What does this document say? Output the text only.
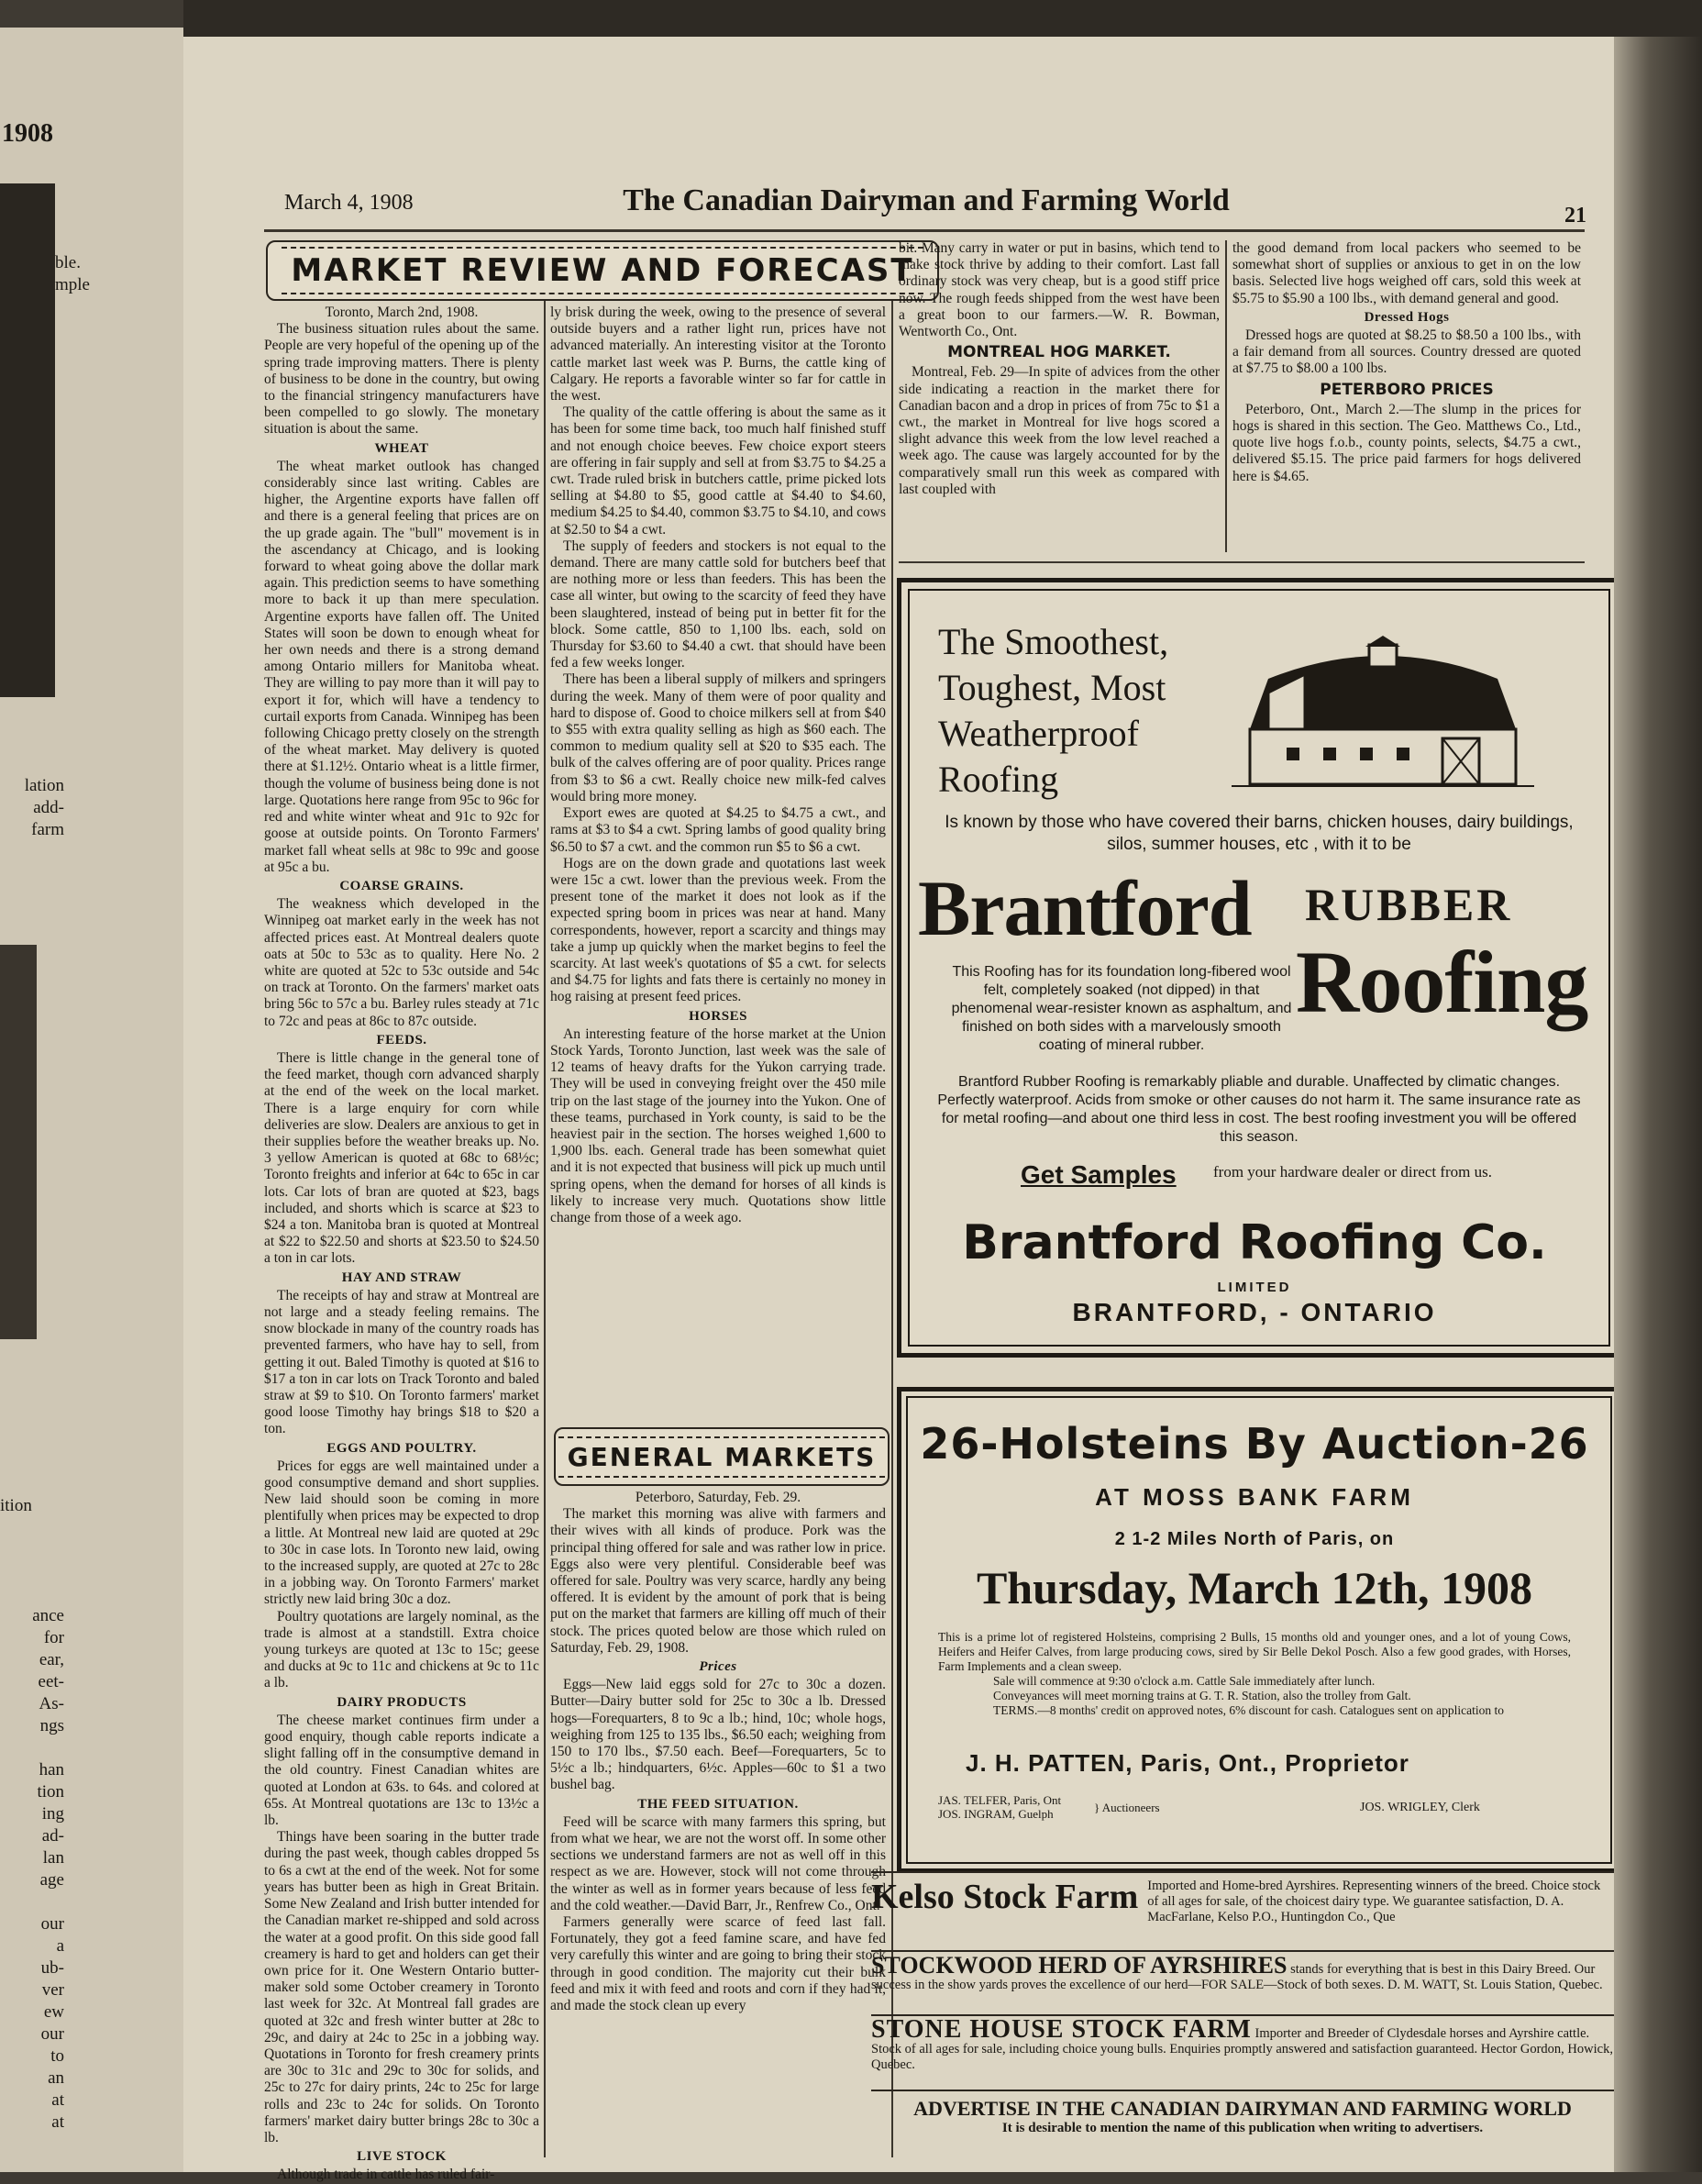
1908
ble.
mple
lation
add-
farm
ition
ance
for
ear,
eet-
As-
ngs

han
tion
ing
ad-
lan
age

our
a
ub-
ver
ew
our
to
an
at
at
March 4, 1908	The Canadian Dairyman and Farming World	21
MARKET REVIEW AND FORECAST
Toronto, March 2nd, 1908.

The business situation rules about the same. People are very hopeful of the opening up of the spring trade improving matters. There is plenty of business to be done in the country, but owing to the financial stringency manufacturers have been compelled to go slowly. The monetary situation is about the same.

WHEAT

The wheat market outlook has changed considerably since last writing. Cables are higher, the Argentine exports have fallen off and there is a general feeling that prices are on the up grade again. The "bull" movement is in the ascendancy at Chicago, and is looking forward to wheat going above the dollar mark again. This prediction seems to have something more to back it up than mere speculation. Argentine exports have fallen off. The United States will soon be down to enough wheat for her own needs and there is a strong demand among Ontario millers for Manitoba wheat. They are willing to pay more than it will pay to export it for, which will have a tendency to curtail exports from Canada. Winnipeg has been following Chicago pretty closely on the strength of the wheat market. May delivery is quoted there at $1.12½. Ontario wheat is a little firmer, though the volume of business being done is not large. Quotations here range from 95c to 96c for red and white winter wheat and 91c to 92c for goose at outside points. On Toronto Farmers' market fall wheat sells at 98c to 99c and goose at 95c a bu.

COARSE GRAINS.

The weakness which developed in the Winnipeg oat market early in the week has not affected prices east. At Montreal dealers quote oats at 50c to 53c as to quality. Here No. 2 white are quoted at 52c to 53c outside and 54c on track at Toronto. On the farmers' market oats bring 56c to 57c a bu. Barley rules steady at 71c to 72c and peas at 86c to 87c outside.

FEEDS.

There is little change in the general tone of the feed market, though corn advanced sharply at the end of the week on the local market. There is a large enquiry for corn while deliveries are slow. Dealers are anxious to get in their supplies before the weather breaks up. No. 3 yellow American is quoted at 68c to 68½c; Toronto freights and inferior at 64c to 65c in car lots. Car lots of bran are quoted at $23, bags included, and shorts which is scarce at $23 to $24 a ton. Manitoba bran is quoted at Montreal at $22 to $22.50 and shorts at $23.50 to $24.50 a ton in car lots.

HAY AND STRAW

The receipts of hay and straw at Montreal are not large and a steady feeling remains. The snow blockade in many of the country roads has prevented farmers, who have hay to sell, from getting it out. Baled Timothy is quoted at $16 to $17 a ton in car lots on Track Toronto and baled straw at $9 to $10. On Toronto farmers' market good loose Timothy hay brings $18 to $20 a ton.

EGGS AND POULTRY.

Prices for eggs are well maintained under a good consumptive demand and short supplies. New laid should soon be coming in more plentifully when prices may be expected to drop a little. At Montreal new laid are quoted at 29c to 30c in case lots. In Toronto new laid, owing to the increased supply, are quoted at 27c to 28c in a jobbing way. On Toronto Farmers' market strictly new laid bring 30c a doz.

Poultry quotations are largely nominal, as the trade is almost at a standstill. Extra choice young turkeys are quoted at 13c to 15c; geese and ducks at 9c to 11c and chickens at 9c to 11c a lb.

DAIRY PRODUCTS

The cheese market continues firm under a good enquiry, though cable reports indicate a slight falling off in the consumptive demand in the old country. Finest Canadian whites are quoted at London at 63s. to 64s. and colored at 65s. At Montreal quotations are 13c to 13½c a lb.

Things have been soaring in the butter trade during the past week, though cables dropped 5s to 6s a cwt at the end of the week. Not for some years has butter been as high in Great Britain. Some New Zealand and Irish butter intended for the Canadian market re-shipped and sold across the water at a good profit. On this side good fall creamery is hard to get and holders can get their own price for it. One Western Ontario butter-maker sold some October creamery in Toronto last week for 32c. At Montreal fall grades are quoted at 32c and fresh winter butter at 28c to 29c, and dairy at 24c to 25c in a jobbing way. Quotations in Toronto for fresh creamery prints are 30c to 31c and 29c to 30c for solids, and 25c to 27c for dairy prints, 24c to 25c for large rolls and 23c to 24c for solids. On Toronto farmers' market dairy butter brings 28c to 30c a lb.

LIVE STOCK

Although trade in cattle has ruled fair-

ly brisk during the week, owing to the presence of several outside buyers and a rather light run, prices have not advanced materially. An interesting visitor at the Toronto cattle market last week was P. Burns, the cattle king of Calgary. He reports a favorable winter so far for cattle in the west.

The quality of the cattle offering is about the same as it has been for some time back, too much half finished stuff and not enough choice beeves. Few choice export steers are offering in fair supply and sell at from $3.75 to $4.25 a cwt. Trade ruled brisk in butchers cattle, prime picked lots selling at $4.80 to $5, good cattle at $4.40 to $4.60, medium $4.25 to $4.40, common $3.75 to $4.10, and cows at $2.50 to $4 a cwt.

The supply of feeders and stockers is not equal to the demand. There are many cattle sold for butchers beef that are nothing more or less than feeders. This has been the case all winter, but owing to the scarcity of feed they have been slaughtered, instead of being put in better fit for the block. Some cattle, 850 to 1,100 lbs. each, sold on Thursday for $3.60 to $4.40 a cwt. that should have been fed a few weeks longer.

There has been a liberal supply of milkers and springers during the week. Many of them were of poor quality and hard to dispose of. Good to choice milkers sell at from $40 to $55 with extra quality selling as high as $60 each. The common to medium quality sell at $20 to $35 each. The bulk of the calves offering are of poor quality. Prices range from $3 to $6 a cwt. Really choice new milk-fed calves would bring more money.

Export ewes are quoted at $4.25 to $4.75 a cwt., and rams at $3 to $4 a cwt. Spring lambs of good quality bring $6.50 to $7 a cwt. and the common run $5 to $6 a cwt.

Hogs are on the down grade and quotations last week were 15c a cwt. lower than the previous week. From the present tone of the market it does not look as if the expected spring boom in prices was near at hand. Many correspondents, however, report a scarcity and things may take a jump up quickly when the market begins to feel the scarcity. At last week's quotations of $5 a cwt. for selects and $4.75 for lights and fats there is certainly no money in hog raising at present feed prices.

HORSES

An interesting feature of the horse market at the Union Stock Yards, Toronto Junction, last week was the sale of 12 teams of heavy drafts for the Yukon carrying trade. They will be used in conveying freight over the 450 mile trip on the last stage of the journey into the Yukon. One of these teams, purchased in York county, is said to be the heaviest pair in the section. The horses weighed 1,600 to 1,900 lbs. each. General trade has been somewhat quiet and it is not expected that business will pick up much until spring opens, when the demand for horses of all kinds is likely to increase very much. Quotations show little change from those of a week ago.

GENERAL MARKETS
Peterboro, Saturday, Feb. 29.

The market this morning was alive with farmers and their wives with all kinds of produce. Pork was the principal thing offered for sale and was rather low in price. Eggs also were very plentiful. Considerable beef was offered for sale. Poultry was very scarce, hardly any being offered. It is evident by the amount of pork that is being put on the market that farmers are killing off much of their stock. The prices quoted below are those which ruled on Saturday, Feb. 29, 1908.

Prices

Eggs—New laid eggs sold for 27c to 30c a dozen. Butter—Dairy butter sold for 25c to 30c a lb. Dressed hogs—Forequarters, 8 to 9c a lb.; hind, 10c; whole hogs, weighing from 125 to 135 lbs., $6.50 each; weighing from 150 to 170 lbs., $7.50 each. Beef—Forequarters, 5c to 5½c a lb.; hindquarters, 6½c. Apples—60c to $1 a two bushel bag.

THE FEED SITUATION.

Feed will be scarce with many farmers this spring, but from what we hear, we are not the worst off. In some other sections we understand farmers are not as well off in this respect as we are. However, stock will not come through the winter as well as in former years because of less feed and the cold weather.—David Barr, Jr., Renfrew Co., Ont.

Farmers generally were scarce of feed last fall. Fortunately, they got a feed famine scare, and have fed very carefully this winter and are going to bring their stock through in good condition. The majority cut their bulk feed and mix it with feed and roots and corn if they had it, and made the stock clean up every

bit. Many carry in water or put in basins, which tend to make stock thrive by adding to their comfort. Last fall ordinary stock was very cheap, but is a good stiff price now. The rough feeds shipped from the west have been a great boon to our farmers.—W. R. Bowman, Wentworth Co., Ont.

MONTREAL HOG MARKET.

Montreal, Feb. 29—In spite of advices from the other side indicating a reaction in the market there for Canadian bacon and a drop in prices of from 75c to $1 a cwt., the market in Montreal for live hogs scored a slight advance this week from the low level reached a week ago. The cause was largely accounted for by the comparatively small run this week as compared with last coupled with

the good demand from local packers who seemed to be somewhat short of supplies or anxious to get in on the low basis. Selected live hogs weighed off cars, sold this week at $5.75 to $5.90 a 100 lbs., with demand general and good.

Dressed Hogs

Dressed hogs are quoted at $8.25 to $8.50 a 100 lbs., with a fair demand from all sources. Country dressed are quoted at $7.75 to $8.00 a 100 lbs.

PETERBORO PRICES

Peterboro, Ont., March 2.—The slump in the prices for hogs is shared in this section. The Geo. Matthews Co., Ltd., quote live hogs f.o.b., county points, selects, $4.75 a cwt., delivered $5.15. The price paid farmers for hogs delivered here is $4.65.

The Smoothest,
Toughest, Most
Weatherproof
Roofing
Is known by those who have covered their barns, chicken houses, dairy buildings, silos, summer houses, etc , with it to be
Brantford RUBBER
Roofing
This Roofing has for its foundation long-fibered wool felt, completely soaked (not dipped) in that phenomenal wear-resister known as asphaltum, and finished on both sides with a marvelously smooth coating of mineral rubber.
Brantford Rubber Roofing is remarkably pliable and durable. Unaffected by climatic changes. Perfectly waterproof. Acids from smoke or other causes do not harm it. The same insurance rate as for metal roofing—and about one third less in cost. The best roofing investment you will be offered this season.
Get Samples from your hardware dealer or direct from us.
Brantford Roofing Co.
LIMITED
BRANTFORD, - ONTARIO
26-Holsteins By Auction-26
AT MOSS BANK FARM
2 1-2 Miles North of Paris, on
Thursday, March 12th, 1908
This is a prime lot of registered Holsteins, comprising 2 Bulls, 15 months old and younger ones, and a lot of young Cows, Heifers and Heifer Calves, from large producing cows, sired by Sir Belle Dekol Posch. Also a few good grades, with Horses, Farm Implements and a clean sweep.
Sale will commence at 9:30 o'clock a.m. Cattle Sale immediately after lunch.
Conveyances will meet morning trains at G. T. R. Station, also the trolley from Galt.
TERMS.—8 months' credit on approved notes, 6% discount for cash. Catalogues sent on application to
J. H. PATTEN, Paris, Ont., Proprietor
JAS. TELFER, Paris, Ont
JOS. INGRAM, Guelph	} Auctioneers	JOS. WRIGLEY, Clerk
Kelso Stock Farm Imported and Home-bred Ayrshires. Representing winners of the breed. Choice stock of all ages for sale, of the choicest dairy type. We guarantee satisfaction, D. A. MacFarlane, Kelso P.O., Huntingdon Co., Que
STOCKWOOD HERD OF AYRSHIRES stands for everything that is best in this Dairy Breed. Our success in the show yards proves the excellence of our herd—FOR SALE—Stock of both sexes. D. M. WATT, St. Louis Station, Quebec.
STONE HOUSE STOCK FARM Importer and Breeder of Clydesdale horses and Ayrshire cattle. Stock of all ages for sale, including choice young bulls. Enquiries promptly answered and satisfaction guaranteed. Hector Gordon, Howick, Quebec.
ADVERTISE IN THE CANADIAN DAIRYMAN AND FARMING WORLD
It is desirable to mention the name of this publication when writing to advertisers.
